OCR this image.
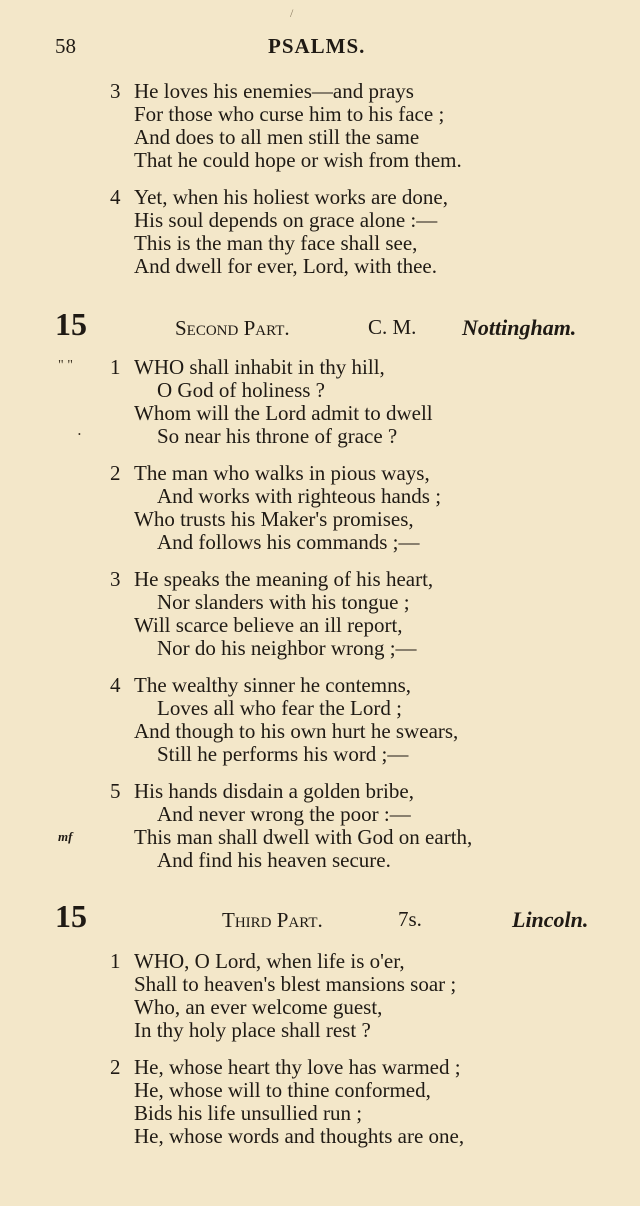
/
58	PSALMS.
3 He loves his enemies—and prays
For those who curse him to his face ;
And does to all men still the same
That he could hope or wish from them.
4 Yet, when his holiest works are done,
His soul depends on grace alone :—
This is the man thy face shall see,
And dwell for ever, Lord, with thee.
15	Second Part.	C. M. Nottingham.
" "
•
1 WHO shall inhabit in thy hill,
O God of holiness ?
Whom will the Lord admit to dwell
So near his throne of grace ?
2 The man who walks in pious ways,
And works with righteous hands ;
Who trusts his Maker's promises,
And follows his commands ;—
3 He speaks the meaning of his heart,
Nor slanders with his tongue ;
Will scarce believe an ill report,
Nor do his neighbor wrong ;—
4 The wealthy sinner he contemns,
Loves all who fear the Lord ;
And though to his own hurt he swears,
Still he performs his word ;—
5 His hands disdain a golden bribe,
And never wrong the poor :—
mf	This man shall dwell with God on earth,
And find his heaven secure.
15	Third Part.	7s.	Lincoln.
1 WHO, O Lord, when life is o'er,
Shall to heaven's blest mansions soar ;
Who, an ever welcome guest,
In thy holy place shall rest ?
2 He, whose heart thy love has warmed ;
He, whose will to thine conformed,
Bids his life unsullied run ;
He, whose words and thoughts are one,
